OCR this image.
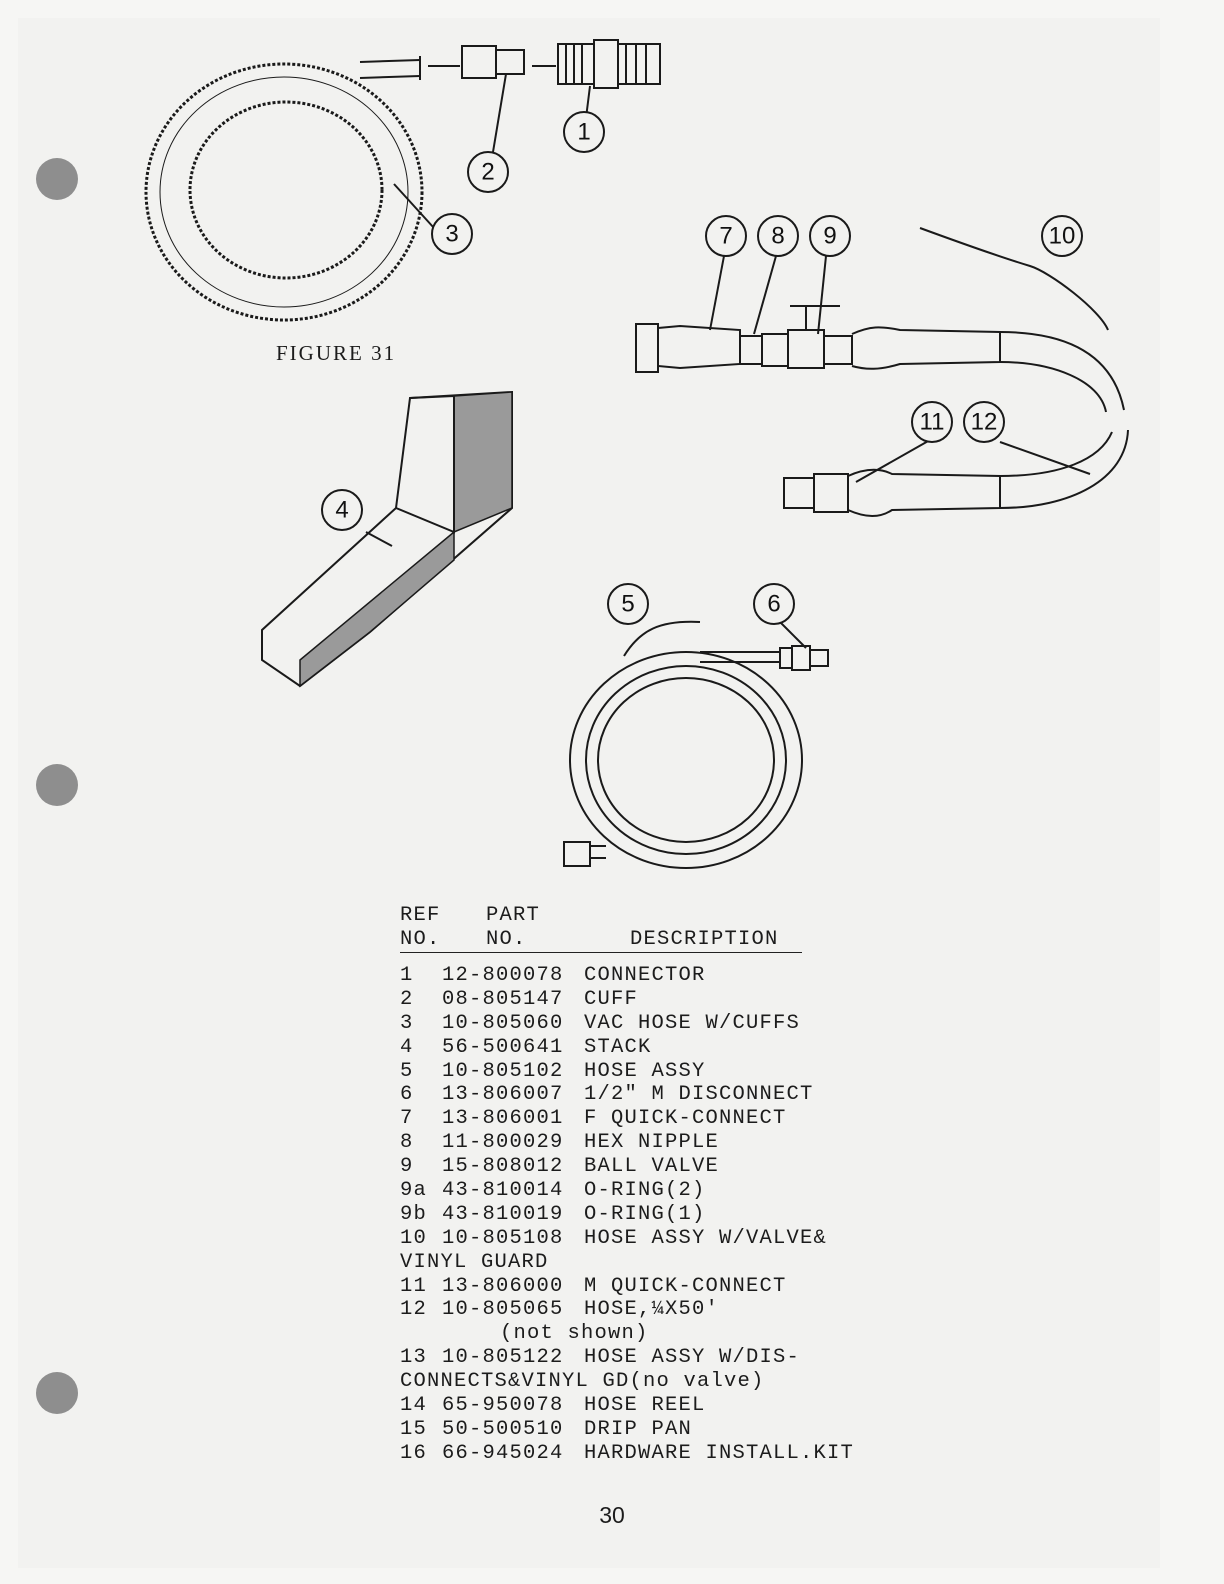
1
2
3
4
5	6
7 8 9	10
11 12
FIGURE 31
REF PART
NO. NO.	DESCRIPTION
1 12-800078 CONNECTOR
2 08-805147 CUFF
3 10-805060 VAC HOSE W/CUFFS
4 56-500641 STACK
5 10-805102 HOSE ASSY
6 13-806007 1/2" M DISCONNECT
7 13-806001 F QUICK-CONNECT
8 11-800029 HEX NIPPLE
9 15-808012 BALL VALVE
9a 43-810014 O-RING(2)
9b 43-810019 O-RING(1)
10 10-805108 HOSE ASSY W/VALVE&
VINYL GUARD
11 13-806000 M QUICK-CONNECT
12 10-805065 HOSE,¼X50'
(not shown)
13 10-805122 HOSE ASSY W/DIS-
CONNECTS&VINYL GD(no valve)
14 65-950078 HOSE REEL
15 50-500510 DRIP PAN
16 66-945024 HARDWARE INSTALL.KIT
30
